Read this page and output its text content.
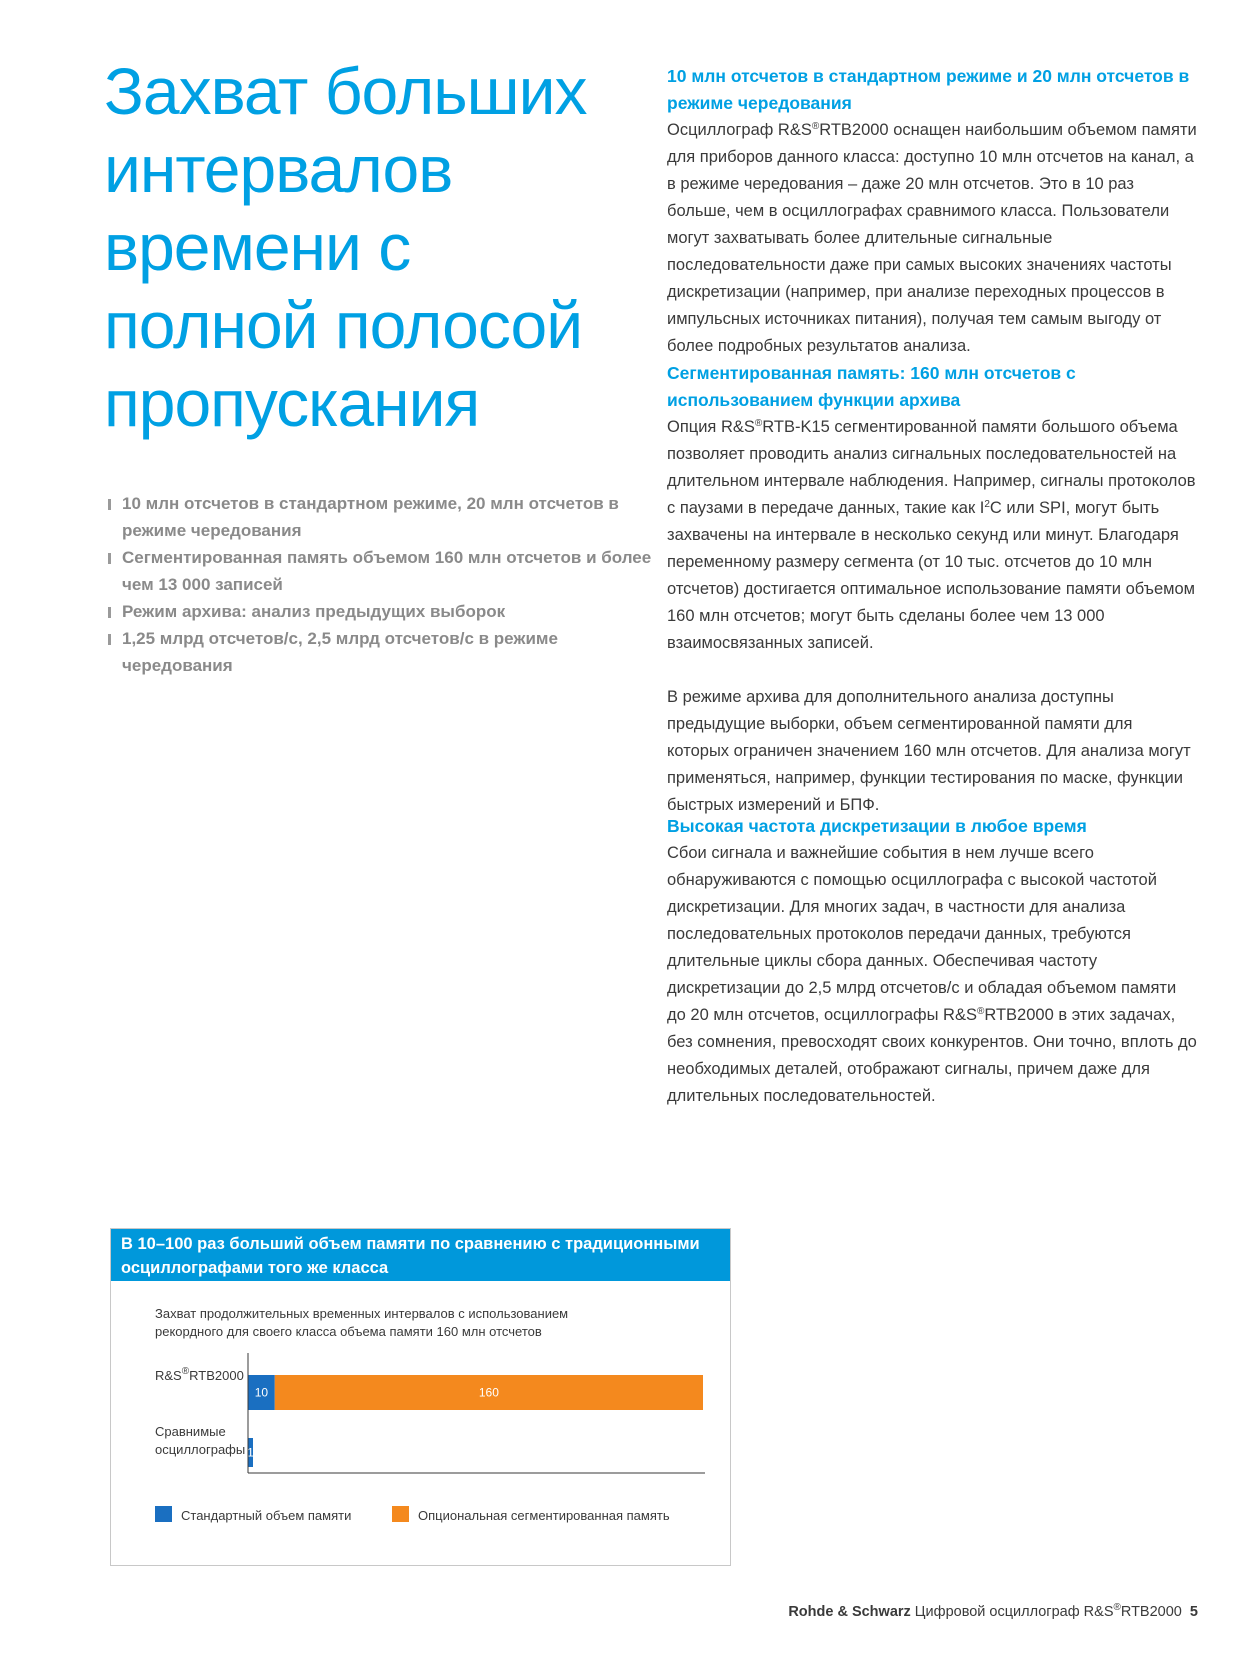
Захват больших
интервалов
времени с
полной полосой
пропускания
10 млн отсчетов в стандартном режиме, 20 млн отсчетов в режиме чередования
Сегментированная память объемом 160 млн отсчетов и более чем 13 000 записей
Режим архива: анализ предыдущих выборок
1,25 млрд отсчетов/с, 2,5 млрд отсчетов/с в режиме чередования
10 млн отсчетов в стандартном режиме и 20 млн отсчетов в режиме чередования

Осциллограф R&S®RTB2000 оснащен наибольшим объемом памяти для приборов данного класса: доступно 10 млн отсчетов на канал, а в режиме чередования – даже 20 млн отсчетов. Это в 10 раз больше, чем в осциллографах сравнимого класса. Пользователи могут захватывать более длительные сигнальные последовательности даже при самых высоких значениях частоты дискретизации (например, при анализе переходных процессов в импульсных источниках питания), получая тем самым выгоду от более подробных результатов анализа.

Сегментированная память: 160 млн отсчетов с использованием функции архива

Опция R&S®RTB-K15 сегментированной памяти большого объема позволяет проводить анализ сигнальных последовательностей на длительном интервале наблюдения. Например, сигналы протоколов с паузами в передаче данных, такие как $I^2C$ или SPI, могут быть захвачены на интервале в несколько секунд или минут. Благодаря переменному размеру сегмента (от 10 тыс. отсчетов до 10 млн отсчетов) достигается оптимальное использование памяти объемом 160 млн отсчетов; могут быть сделаны более чем 13 000 взаимосвязанных записей.

В режиме архива для дополнительного анализа доступны предыдущие выборки, объем сегментированной памяти для которых ограничен значением 160 млн отсчетов. Для анализа могут применяться, например, функции тестирования по маске, функции быстрых измерений и БПФ.

Высокая частота дискретизации в любое время

Сбои сигнала и важнейшие события в нем лучше всего обнаруживаются с помощью осциллографа с высокой частотой дискретизации. Для многих задач, в частности для анализа последовательных протоколов передачи данных, требуются длительные циклы сбора данных. Обеспечивая частоту дискретизации до 2,5 млрд отсчетов/с и обладая объемом памяти до 20 млн отсчетов, осциллографы R&S®RTB2000 в этих задачах, без сомнения, превосходят своих конкурентов. Они точно, вплоть до необходимых деталей, отображают сигналы, причем даже для длительных последовательностей.

В 10–100 раз больший объем памяти по сравнению с традиционными осциллографами того же класса
Захват продолжительных временных интервалов с использованием рекордного для своего класса объема памяти 160 млн отсчетов
R&S®RTB2000
Сравнимые
осциллографы
10	160
1
Стандартный объем памяти	Опциональная сегментированная память
Rohde & Schwarz Цифровой осциллограф R&S®RTB2000 5
